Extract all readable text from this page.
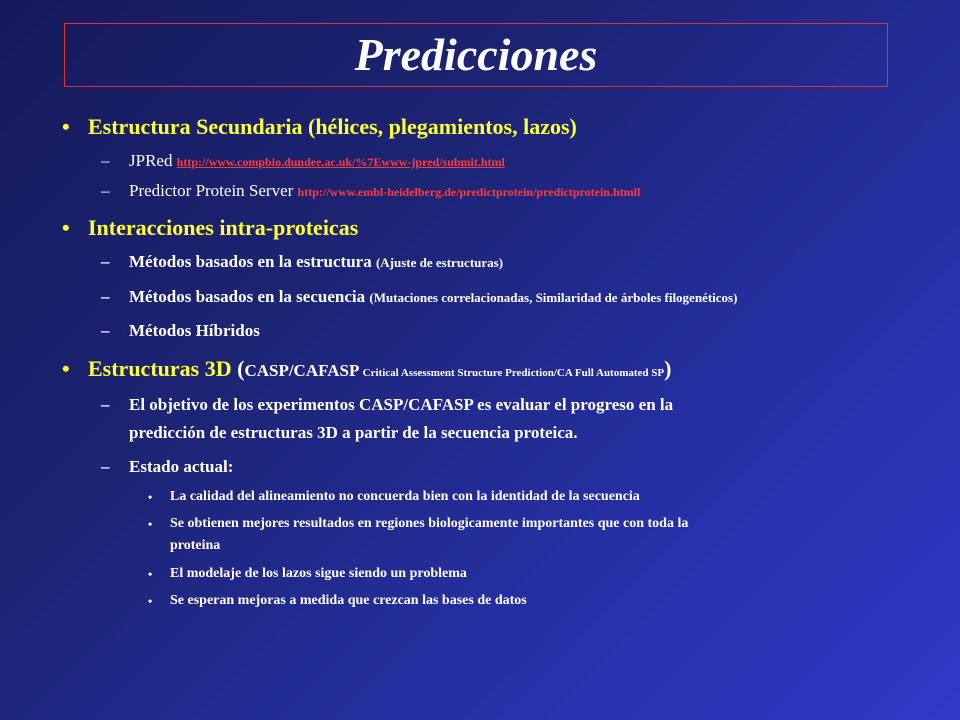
Predicciones
• Estructura Secundaria (hélices, plegamientos, lazos)
– JPRed http://www.compbio.dundee.ac.uk/%7Ewww-jpred/submit.html
– Predictor Protein Server http://www.embl-heidelberg.de/predictprotein/predictprotein.htmll
• Interacciones intra-proteicas
– Métodos basados en la estructura (Ajuste de estructuras)
– Métodos basados en la secuencia (Mutaciones correlacionadas, Similaridad de árboles filogenéticos)
– Métodos Híbridos
• Estructuras 3D (CASP/CAFASP Critical Assessment Structure Prediction/CA Full Automated SP)
– El objetivo de los experimentos CASP/CAFASP es evaluar el progreso en la
predicción de estructuras 3D a partir de la secuencia proteica.
– Estado actual:
• La calidad del alineamiento no concuerda bien con la identidad de la secuencia
• Se obtienen mejores resultados en regiones biologicamente importantes que con toda la
proteina
• El modelaje de los lazos sigue siendo un problema
• Se esperan mejoras a medida que crezcan las bases de datos
